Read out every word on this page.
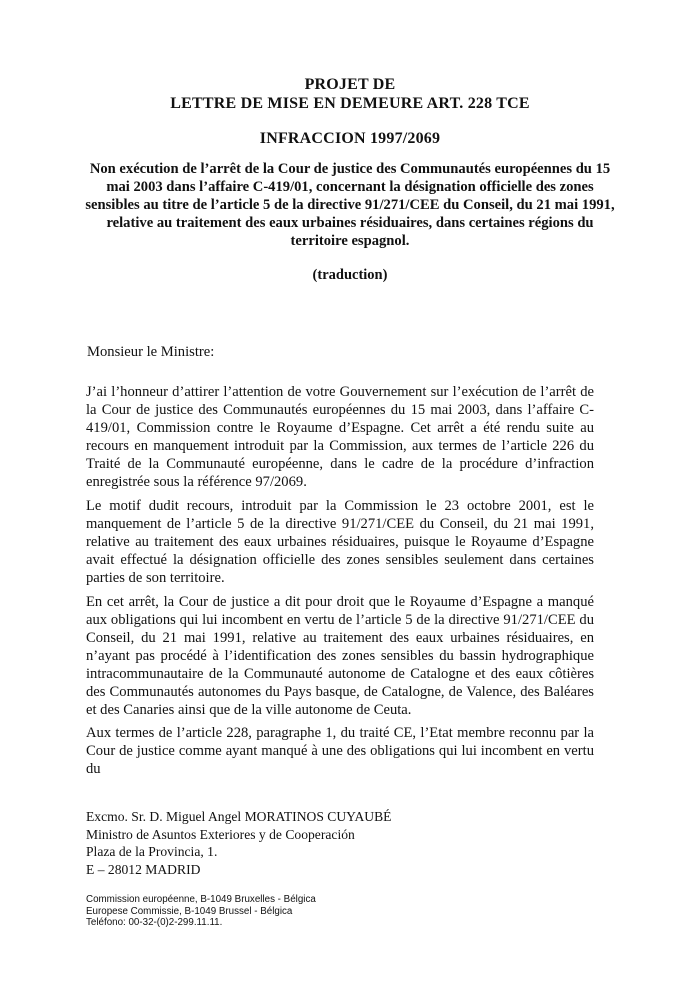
PROJET DE
LETTRE DE MISE EN DEMEURE ART. 228 TCE
INFRACCION 1997/2069
Non exécution de l’arrêt de la Cour de justice des Communautés européennes du 15 mai 2003 dans l’affaire C-419/01, concernant la désignation officielle des zones sensibles au titre de l’article 5 de la directive 91/271/CEE du Conseil, du 21 mai 1991, relative au traitement des eaux urbaines résiduaires, dans certaines régions du territoire espagnol.
(traduction)
Monsieur le Ministre:
J’ai l’honneur d’attirer l’attention de votre Gouvernement sur l’exécution de l’arrêt de la Cour de justice des Communautés européennes du 15 mai 2003, dans l’affaire C-419/01, Commission contre le Royaume d’Espagne. Cet arrêt a été rendu suite au recours en manquement introduit par la Commission, aux termes de l’article 226 du Traité de la Communauté européenne, dans le cadre de la procédure d’infraction enregistrée sous la référence 97/2069.
Le motif dudit recours, introduit par la Commission le 23 octobre 2001, est le manquement de l’article 5 de la directive 91/271/CEE du Conseil, du 21 mai 1991, relative au traitement des eaux urbaines résiduaires, puisque le Royaume d’Espagne avait effectué la désignation officielle des zones sensibles seulement dans certaines parties de son territoire.
En cet arrêt, la Cour de justice a dit pour droit que le Royaume d’Espagne a manqué aux obligations qui lui incombent en vertu de l’article 5 de la directive 91/271/CEE du Conseil, du 21 mai 1991, relative au traitement des eaux urbaines résiduaires, en n’ayant pas procédé à l’identification des zones sensibles du bassin hydrographique intracommunautaire de la Communauté autonome de Catalogne et des eaux côtières des Communautés autonomes du Pays basque, de Catalogne, de Valence, des Baléares et des Canaries ainsi que de la ville autonome de Ceuta.
Aux termes de l’article 228, paragraphe 1, du traité CE, l’Etat membre reconnu par la Cour de justice comme ayant manqué à une des obligations qui lui incombent en vertu du
Excmo. Sr. D. Miguel Angel MORATINOS CUYAUBÉ
Ministro de Asuntos Exteriores y de Cooperación
Plaza de la Provincia, 1.
E – 28012 MADRID
Commission européenne, B-1049 Bruxelles - Bélgica
Europese Commissie, B-1049 Brussel - Bélgica
Teléfono: 00-32-(0)2-299.11.11.
